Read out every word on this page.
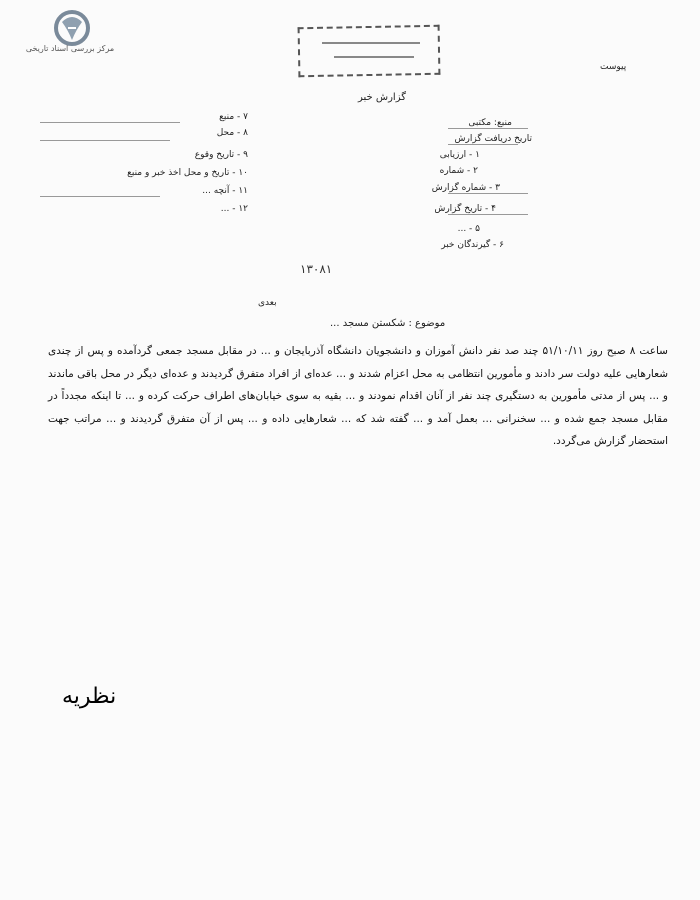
مرکز بررسی اسناد تاریخی
پیوست
گزارش خبر
منبع: مکتبی
تاریخ دریافت گزارش
۱ - ارزیابی
۲ - شماره
۳ - شماره گزارش
۴ - تاریخ گزارش
۵ - ...
۶ - گیرندگان خبر
۷ - منبع
۸ - محل
۹ - تاریخ وقوع
۱۰ - تاریخ و محل اخذ خبر و منبع
۱۱ - آنچه ...
۱۲ - ...
۱۳۰۸۱
بعدی
موضوع : شکستن مسجد ...
ساعت ۸ صبح روز ۵۱/۱۰/۱۱ چند صد نفر دانش آموزان و دانشجویان دانشگاه آذربایجان و ... در مقابل مسجد جمعی گردآمده و پس از چندی شعارهایی علیه دولت سر دادند و مأمورین انتظامی به محل اعزام شدند و ... عده‌ای از افراد متفرق گردیدند و عده‌ای دیگر در محل باقی ماندند و ... پس از مدتی مأمورین به دستگیری چند نفر از آنان اقدام نمودند و ... بقیه به سوی خیابان‌های اطراف حرکت کرده و ... تا اینکه مجدداً در مقابل مسجد جمع شده و ... سخنرانی ... بعمل آمد و ... گفته شد که ... شعارهایی داده و ... پس از آن متفرق گردیدند و ... مراتب جهت استحضار گزارش می‌گردد.
نظریه
